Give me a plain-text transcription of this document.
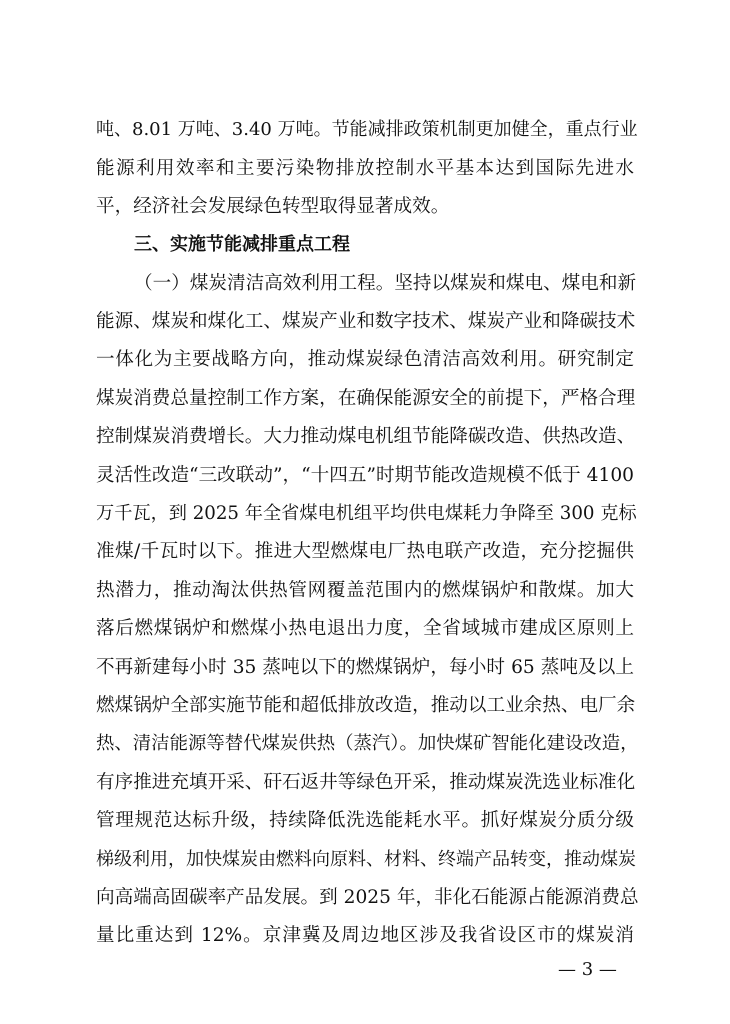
吨、8.01 万吨、3.40 万吨。节能减排政策机制更加健全，重点行业
能源利用效率和主要污染物排放控制水平基本达到国际先进水
平，经济社会发展绿色转型取得显著成效。
三、实施节能减排重点工程
（一）煤炭清洁高效利用工程。坚持以煤炭和煤电、煤电和新
能源、煤炭和煤化工、煤炭产业和数字技术、煤炭产业和降碳技术
一体化为主要战略方向，推动煤炭绿色清洁高效利用。研究制定
煤炭消费总量控制工作方案，在确保能源安全的前提下，严格合理
控制煤炭消费增长。大力推动煤电机组节能降碳改造、供热改造、
灵活性改造“三改联动”，“十四五”时期节能改造规模不低于 4100
万千瓦，到 2025 年全省煤电机组平均供电煤耗力争降至 300 克标
准煤/千瓦时以下。推进大型燃煤电厂热电联产改造，充分挖掘供
热潜力，推动淘汰供热管网覆盖范围内的燃煤锅炉和散煤。加大
落后燃煤锅炉和燃煤小热电退出力度，全省域城市建成区原则上
不再新建每小时 35 蒸吨以下的燃煤锅炉，每小时 65 蒸吨及以上
燃煤锅炉全部实施节能和超低排放改造，推动以工业余热、电厂余
热、清洁能源等替代煤炭供热（蒸汽）。加快煤矿智能化建设改造，
有序推进充填开采、矸石返井等绿色开采，推动煤炭洗选业标准化
管理规范达标升级，持续降低洗选能耗水平。抓好煤炭分质分级
梯级利用，加快煤炭由燃料向原料、材料、终端产品转变，推动煤炭
向高端高固碳率产品发展。到 2025 年，非化石能源占能源消费总
量比重达到 12%。京津冀及周边地区涉及我省设区市的煤炭消
— 3 —
